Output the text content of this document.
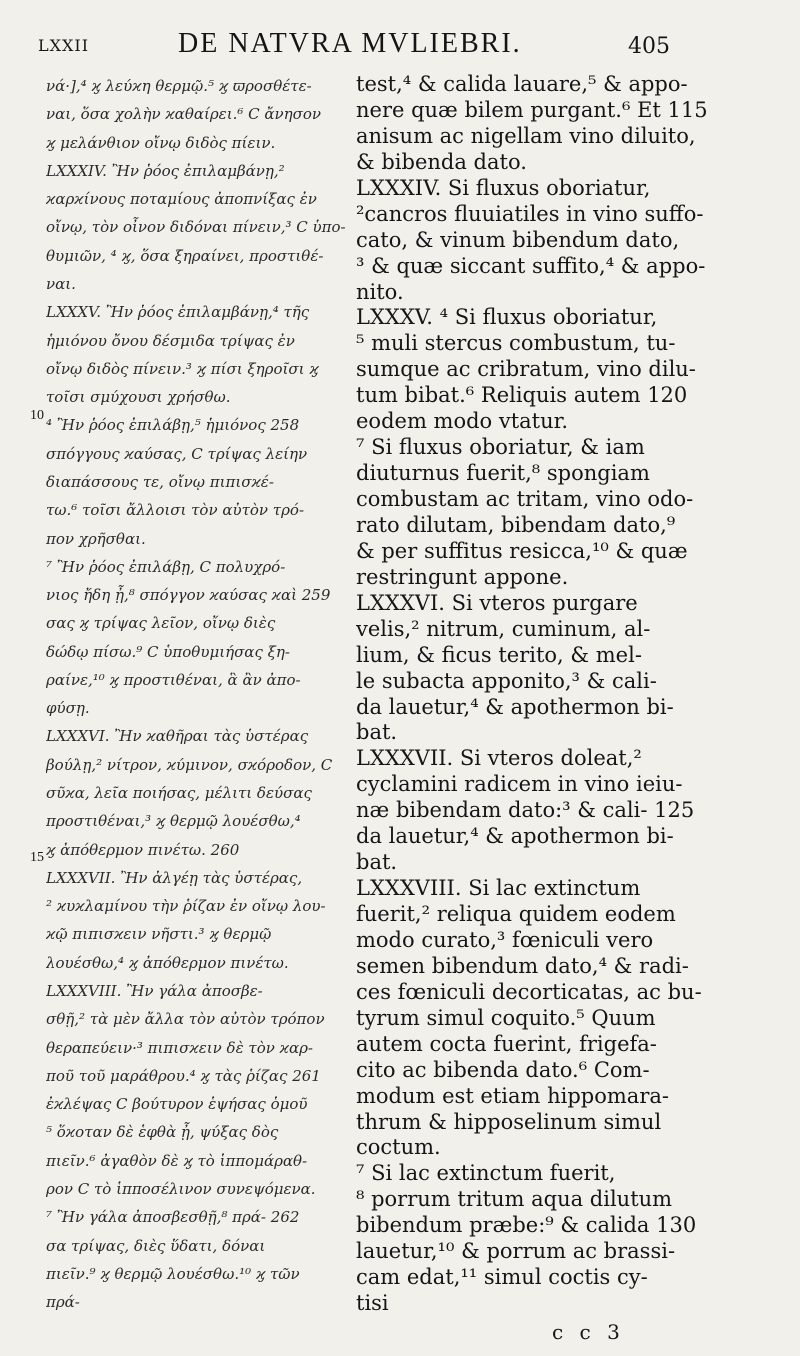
LXXII	DE NATVRA MVLIEBRI.	405
νά·],⁴ ϗ λεύϰη θερμῷ.⁵ ϗ ϖροσθέτε-
ναι, ὅσα χολὴν ϰαθαίρει.⁶ Ϲ ἄνησον
ϗ μελάνθιον οἴνῳ διδὸς πίειν.
LXXXIV. Ἢν ῥόος ἐπιλαμβάνῃ,²
ϰαρϰίνους ποταμίους ἀποπνίξας ἐν
οἴνῳ, τὸν οἶνον διδόναι πίνειν,³ Ϲ ὑπο-
θυμιῶν, ⁴ ϗ, ὅσα ξηραίνει, προστιθέ-
ναι.
LXXXV. Ἢν ῥόος ἐπιλαμβάνῃ,⁴ τῆς
ἡμιόνου ὄνου δέσμιδα τρίψας ἐν
οἴνῳ διδὸς πίνειν.³ ϗ πίσι ξηροῖσι ϗ
τοῖσι σμύχουσι χρήσθω.
⁴ Ἢν ῥόος ἐπιλάβῃ,⁵ ἡμιόνος 258
σπόγγους ϰαύσας, Ϲ τρίψας λείην
διαπάσσους τε, οἴνῳ πιπισϰέ-
τω.⁶ τοῖσι ἄλλοισι τὸν αὐτὸν τρό-
πον χρῆσθαι.
⁷ Ἢν ῥόος ἐπιλάβῃ, Ϲ πολυχρό-
νιος ἤδη ᾖ,⁸ σπόγγον ϰαύσας ϰαὶ 259
σας ϗ τρίψας λεῖον, οἴνῳ διὲς
δώδῳ πίσω.⁹ Ϲ ὑποθυμιήσας ξη-
ραίνε,¹⁰ ϗ προστιθέναι, ἃ ἂν ἀπο-
φύσῃ.
LXXXVI. Ἢν ϰαθῆραι τὰς ὑστέρας
βούλῃ,² νίτρον, ϰύμινον, σϰόροδον, Ϲ
σῦϰα, λεῖα ποιήσας, μέλιτι δεύσας
προστιθέναι,³ ϗ θερμῷ λουέσθω,⁴
ϗ ἀπόθερμον πινέτω. 260
LXXXVII. Ἢν ἀλγέῃ τὰς ὑστέρας,
² ϰυϰλαμίνου τὴν ῥίζαν ἐν οἴνῳ λου-
ϰῷ πιπισϰειν νῆστι.³ ϗ θερμῷ
λουέσθω,⁴ ϗ ἀπόθερμον πινέτω.
LXXXVIII. Ἢν γάλα ἀποσβε-
σθῇ,² τὰ μὲν ἄλλα τὸν αὐτὸν τρόπον
θεραπεύειν·³ πιπισϰειν δὲ τὸν ϰαρ-
ποῦ τοῦ μαράθρου.⁴ ϗ τὰς ῥίζας 261
ἐϰλέψας Ϲ βούτυρον ἑψήσας ὁμοῦ
⁵ ὅϰοταν δὲ ἑφθὰ ᾖ, ψύξας δὸς
πιεῖν.⁶ ἀγαθὸν δὲ ϗ τὸ ἱππομάραθ-
ρον Ϲ τὸ ἱπποσέλινον συνεψόμενα.
⁷ Ἢν γάλα ἀποσβεσθῇ,⁸ πρά- 262
σα τρίψας, διὲς ὕδατι, δόναι
πιεῖν.⁹ ϗ θερμῷ λουέσθω.¹⁰ ϗ τῶν
πρά-
test,⁴ & calida lauare,⁵ & appo-
nere quæ bilem purgant.⁶ Et 115
anisum ac nigellam vino diluito,
& bibenda dato.
LXXXIV. Si fluxus oboriatur,
²cancros fluuiatiles in vino suffo-
cato, & vinum bibendum dato,
³ & quæ siccant suffito,⁴ & appo-
nito.
LXXXV. ⁴ Si fluxus oboriatur,
⁵ muli stercus combustum, tu-
sumque ac cribratum, vino dilu-
tum bibat.⁶ Reliquis autem 120
eodem modo vtatur.
⁷ Si fluxus oboriatur, & iam
diuturnus fuerit,⁸ spongiam
combustam ac tritam, vino odo-
rato dilutam, bibendam dato,⁹
& per suffitus resicca,¹⁰ & quæ
restringunt appone.
LXXXVI. Si vteros purgare
velis,² nitrum, cuminum, al-
lium, & ficus terito, & mel-
le subacta apponito,³ & cali-
da lauetur,⁴ & apothermon bi-
bat.
LXXXVII. Si vteros doleat,²
cyclamini radicem in vino ieiu-
næ bibendam dato:³ & cali- 125
da lauetur,⁴ & apothermon bi-
bat.
LXXXVIII. Si lac extinctum
fuerit,² reliqua quidem eodem
modo curato,³ fœniculi vero
semen bibendum dato,⁴ & radi-
ces fœniculi decorticatas, ac bu-
tyrum simul coquito.⁵ Quum
autem cocta fuerint, frigefa-
cito ac bibenda dato.⁶ Com-
modum est etiam hippomara-
thrum & hipposelinum simul
coctum.
⁷ Si lac extinctum fuerit,
⁸ porrum tritum aqua dilutum
bibendum præbe:⁹ & calida 130
lauetur,¹⁰ & porrum ac brassi-
cam edat,¹¹ simul coctis cy-
tisi
10
15
c c 3
